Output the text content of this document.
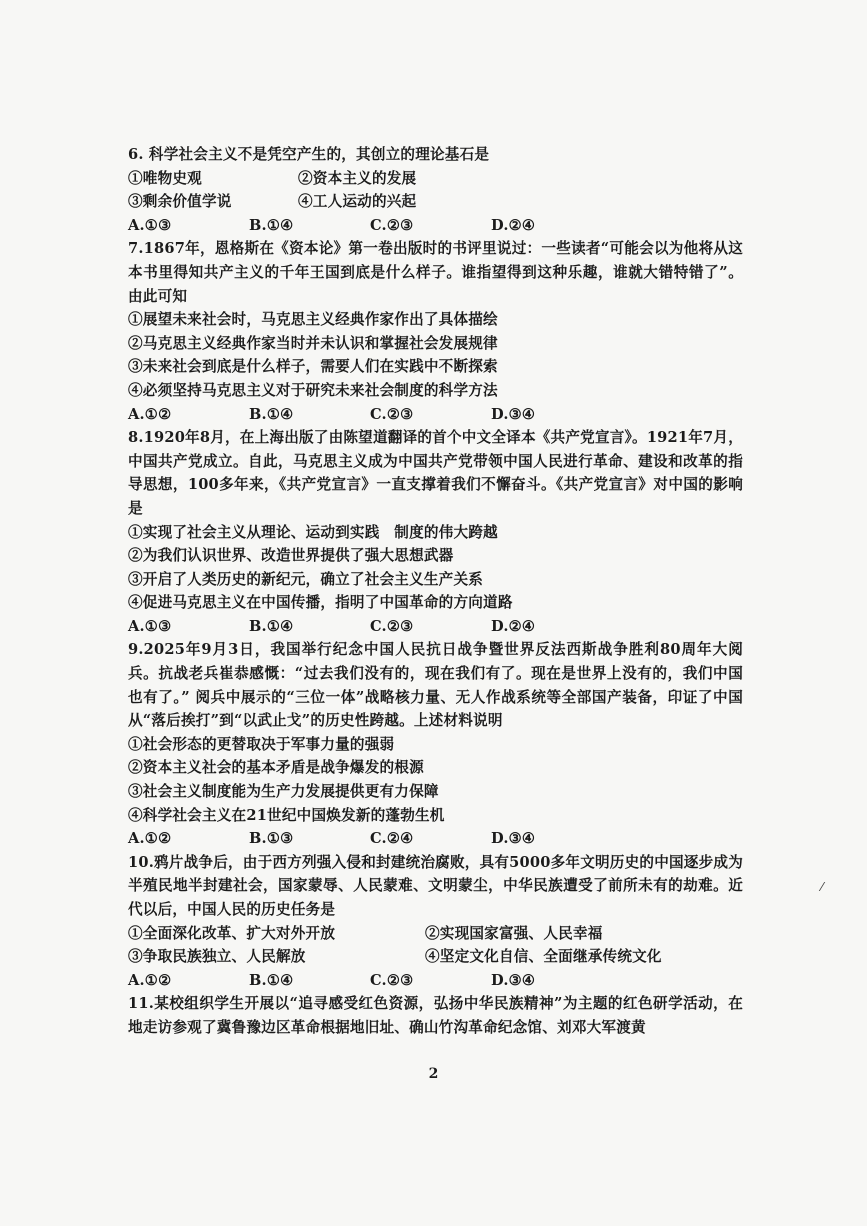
6. 科学社会主义不是凭空产生的，其创立的理论基石是
①唯物史观	②资本主义的发展
③剩余价值学说	④工人运动的兴起
A.①③	B.①④	C.②③	D.②④
7.1867年，恩格斯在《资本论》第一卷出版时的书评里说过：一些读者“可能会以为他将从这本书里得知共产主义的千年王国到底是什么样子。谁指望得到这种乐趣，谁就大错特错了”。由此可知
①展望未来社会时，马克思主义经典作家作出了具体描绘
②马克思主义经典作家当时并未认识和掌握社会发展规律
③未来社会到底是什么样子，需要人们在实践中不断探索
④必须坚持马克思主义对于研究未来社会制度的科学方法
A.①②	B.①④	C.②③	D.③④
8.1920年8月，在上海出版了由陈望道翻译的首个中文全译本《共产党宣言》。1921年7月，中国共产党成立。自此，马克思主义成为中国共产党带领中国人民进行革命、建设和改革的指导思想，100多年来，《共产党宣言》一直支撑着我们不懈奋斗。《共产党宣言》对中国的影响是
①实现了社会主义从理论、运动到实践　制度的伟大跨越
②为我们认识世界、改造世界提供了强大思想武器
③开启了人类历史的新纪元，确立了社会主义生产关系
④促进马克思主义在中国传播，指明了中国革命的方向道路
A.①③	B.①④	C.②③	D.②④
9.2025年9月3日，我国举行纪念中国人民抗日战争暨世界反法西斯战争胜利80周年大阅兵。抗战老兵崔恭感慨：“过去我们没有的，现在我们有了。现在是世界上没有的，我们中国也有了。” 阅兵中展示的“三位一体”战略核力量、无人作战系统等全部国产装备，印证了中国从“落后挨打”到“以武止戈”的历史性跨越。上述材料说明
①社会形态的更替取决于军事力量的强弱
②资本主义社会的基本矛盾是战争爆发的根源
③社会主义制度能为生产力发展提供更有力保障
④科学社会主义在21世纪中国焕发新的蓬勃生机
A.①②	B.①③	C.②④	D.③④
10.鸦片战争后，由于西方列强入侵和封建统治腐败，具有5000多年文明历史的中国逐步成为半殖民地半封建社会，国家蒙辱、人民蒙难、文明蒙尘，中华民族遭受了前所未有的劫难。近代以后，中国人民的历史任务是
①全面深化改革、扩大对外开放	②实现国家富强、人民幸福
③争取民族独立、人民解放	④坚定文化自信、全面继承传统文化
A.①②	B.①④	C.②③	D.③④
11.某校组织学生开展以“追寻感受红色资源，弘扬中华民族精神”为主题的红色研学活动，在地走访参观了冀鲁豫边区革命根据地旧址、确山竹沟革命纪念馆、刘邓大军渡黄
⁄
2
